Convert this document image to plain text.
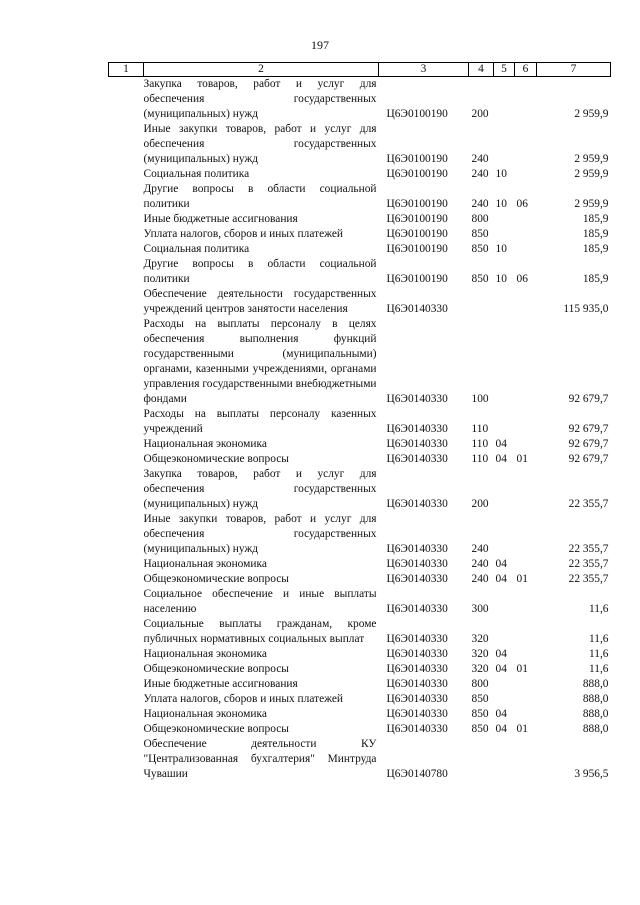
197
1	2	3	4	5	6	7
	Закупка товаров, работ и услуг для обеспечения государственных (муниципальных) нужд	Ц6Э0100190	200			2 959,9
	Иные закупки товаров, работ и услуг для обеспечения государственных (муниципальных) нужд	Ц6Э0100190	240			2 959,9
	Социальная политика	Ц6Э0100190	240	10		2 959,9
	Другие вопросы в области социальной политики	Ц6Э0100190	240	10	06	2 959,9
	Иные бюджетные ассигнования	Ц6Э0100190	800			185,9
	Уплата налогов, сборов и иных платежей	Ц6Э0100190	850			185,9
	Социальная политика	Ц6Э0100190	850	10		185,9
	Другие вопросы в области социальной политики	Ц6Э0100190	850	10	06	185,9
	Обеспечение деятельности государственных учреждений центров занятости населения	Ц6Э0140330				115 935,0
	Расходы на выплаты персоналу в целях обеспечения выполнения функций государственными (муниципальными) органами, казенными учреждениями, органами управления государственными внебюджетными фондами	Ц6Э0140330	100			92 679,7
	Расходы на выплаты персоналу казенных учреждений	Ц6Э0140330	110			92 679,7
	Национальная экономика	Ц6Э0140330	110	04		92 679,7
	Общеэкономические вопросы	Ц6Э0140330	110	04	01	92 679,7
	Закупка товаров, работ и услуг для обеспечения государственных (муниципальных) нужд	Ц6Э0140330	200			22 355,7
	Иные закупки товаров, работ и услуг для обеспечения государственных (муниципальных) нужд	Ц6Э0140330	240			22 355,7
	Национальная экономика	Ц6Э0140330	240	04		22 355,7
	Общеэкономические вопросы	Ц6Э0140330	240	04	01	22 355,7
	Социальное обеспечение и иные выплаты населению	Ц6Э0140330	300			11,6
	Социальные выплаты гражданам, кроме публичных нормативных социальных выплат	Ц6Э0140330	320			11,6
	Национальная экономика	Ц6Э0140330	320	04		11,6
	Общеэкономические вопросы	Ц6Э0140330	320	04	01	11,6
	Иные бюджетные ассигнования	Ц6Э0140330	800			888,0
	Уплата налогов, сборов и иных платежей	Ц6Э0140330	850			888,0
	Национальная экономика	Ц6Э0140330	850	04		888,0
	Общеэкономические вопросы	Ц6Э0140330	850	04	01	888,0
	Обеспечение деятельности КУ "Централизованная бухгалтерия" Минтруда Чувашии	Ц6Э0140780				3 956,5
